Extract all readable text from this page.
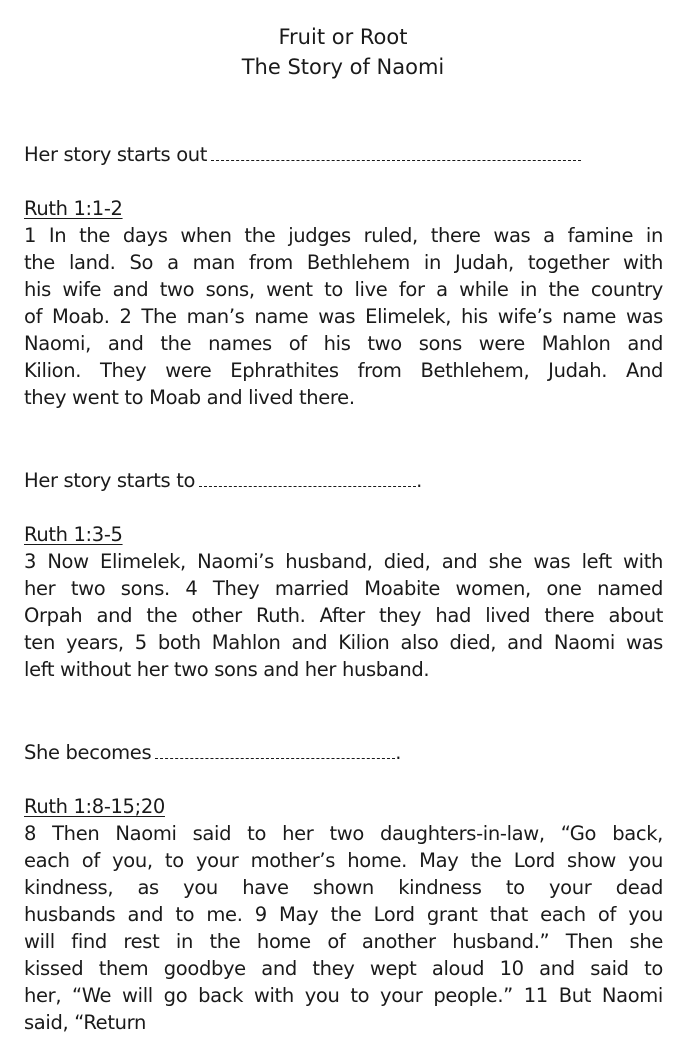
Fruit or Root
The Story of Naomi
Her story starts out
Ruth 1:1-2
1 In the days when the judges ruled, there was a famine in
the land. So a man from Bethlehem in Judah, together with
his wife and two sons, went to live for a while in the country
of Moab. 2 The man’s name was Elimelek, his wife’s name was
Naomi, and the names of his two sons were Mahlon and
Kilion. They were Ephrathites from Bethlehem, Judah. And
they went to Moab and lived there.
Her story starts to	.
Ruth 1:3-5
3 Now Elimelek, Naomi’s husband, died, and she was left with
her two sons. 4 They married Moabite women, one named
Orpah and the other Ruth. After they had lived there about
ten years, 5 both Mahlon and Kilion also died, and Naomi was
left without her two sons and her husband.
She becomes	.
Ruth 1:8-15;20
8 Then Naomi said to her two daughters-in-law, “Go back,
each of you, to your mother’s home. May the Lord show you
kindness, as you have shown kindness to your dead
husbands and to me. 9 May the Lord grant that each of you
will find rest in the home of another husband.” Then she
kissed them goodbye and they wept aloud 10 and said to
her, “We will go back with you to your people.” 11 But Naomi
said, “Return
